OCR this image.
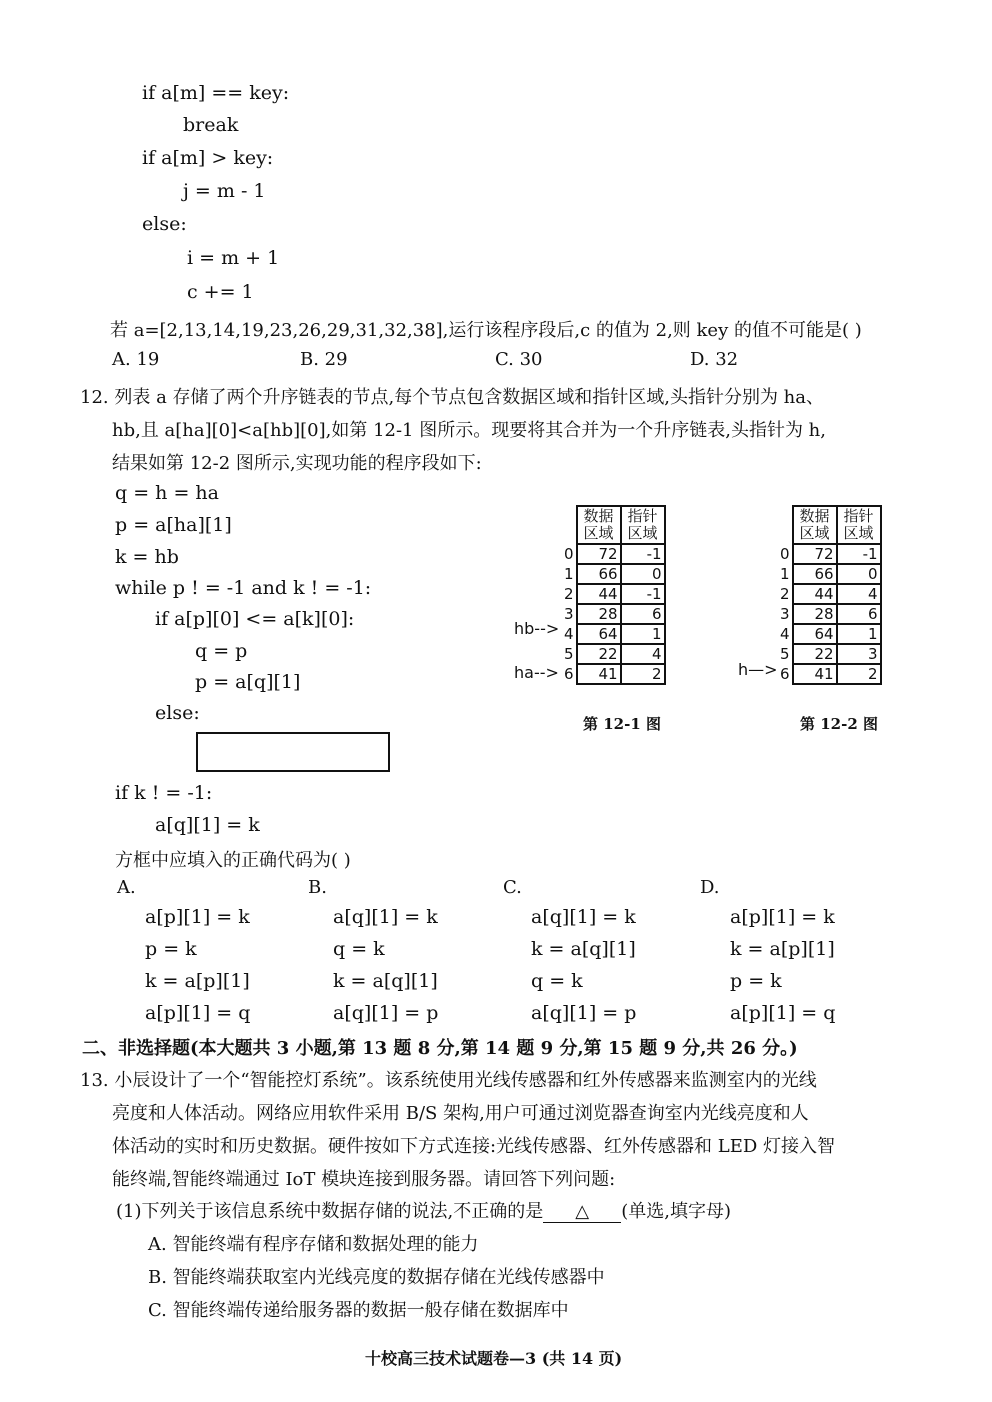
if a[m] == key:
break
if a[m] > key:
j = m - 1
else:
i = m + 1
c += 1
若 a=[2,13,14,19,23,26,29,31,32,38],运行该程序段后,c 的值为 2,则 key 的值不可能是( )
A. 19	B. 29	C. 30	D. 32
12. 列表 a 存储了两个升序链表的节点,每个节点包含数据区域和指针区域,头指针分别为 ha、
hb,且 a[ha][0]<a[hb][0],如第 12-1 图所示。现要将其合并为一个升序链表,头指针为 h,
结果如第 12-2 图所示,实现功能的程序段如下:
q = h = ha
p = a[ha][1]
k = hb
while p ! = -1 and k ! = -1:
if a[p][0] <= a[k][0]:
q = p
p = a[q][1]
else:
if k ! = -1:
a[q][1] = k
	数据区域	指针区域
0	72	-1
1	66	0
2	44	-1
3	28	6
4	64	1
5	22	4
6	41	2
hb-->
ha-->
第 12-1 图
	数据区域	指针区域
0	72	-1
1	66	0
2	44	4
3	28	6
4	64	1
5	22	3
6	41	2
h—>
第 12-2 图
方框中应填入的正确代码为( )
A.	B.	C.	D.
a[p][1] = k
p = k
k = a[p][1]
a[p][1] = q
a[q][1] = k
q = k
k = a[q][1]
a[q][1] = p
a[q][1] = k
k = a[q][1]
q = k
a[q][1] = p
a[p][1] = k
k = a[p][1]
p = k
a[p][1] = q
二、非选择题(本大题共 3 小题,第 13 题 8 分,第 14 题 9 分,第 15 题 9 分,共 26 分。)
13. 小辰设计了一个“智能控灯系统”。该系统使用光线传感器和红外传感器来监测室内的光线
亮度和人体活动。网络应用软件采用 B/S 架构,用户可通过浏览器查询室内光线亮度和人
体活动的实时和历史数据。硬件按如下方式连接:光线传感器、红外传感器和 LED 灯接入智
能终端,智能终端通过 IoT 模块连接到服务器。请回答下列问题:
(1)下列关于该信息系统中数据存储的说法,不正确的是 △ (单选,填字母)
A. 智能终端有程序存储和数据处理的能力
B. 智能终端获取室内光线亮度的数据存储在光线传感器中
C. 智能终端传递给服务器的数据一般存储在数据库中
十校高三技术试题卷—3 (共 14 页)
